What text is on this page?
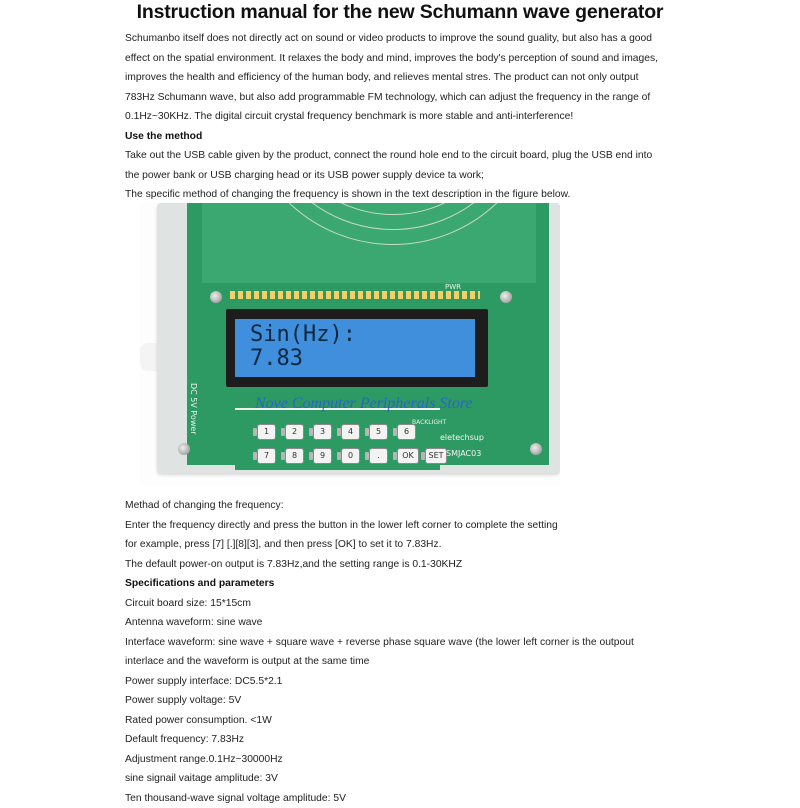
Instruction manual for the new Schumann wave generator

Schumanbo itself does not directly act on sound or video products to improve the sound guality, but also has a good

effect on the spatial environment. It relaxes the body and mind, improves the body's perception of sound and images,

improves the health and efficiency of the human body, and relieves mental stres. The product can not only output

783Hz Schumann wave, but also add programmable FM technology, which can adjust the frequency in the range of

0.1Hz~30KHz. The digital circuit crystal frequency benchmark is more stable and anti-interference!

Use the method

Take out the USB cable given by the product, connect the round hole end to the circuit board, plug the USB end into

the power bank or USB charging head or its USB power supply device ta work;

The specific method of changing the frequency is shown in the text description in the figure below.

PWR
Sin(Hz):
7.83
DC 5V Power	1	2	3	4	5	6
7	8	9	0	.	OK	SET
eletechsup
SMJAC03
BACKLIGHT
Nove Computer Peripherals Store

Methad of changing the frequency:

Enter the frequency directly and press the button in the lower left corner to complete the setting

for example, press [7] [.][8][3], and then press [OK] to set it to 7.83Hz.

The default power-on output is 7.83Hz,and the setting range is 0.1-30KHZ

Specifications and parameters

Circuit board size: 15*15cm

Antenna waveform: sine wave

Interface waveform: sine wave + square wave + reverse phase square wave (the lower left corner is the outpout

interlace and the waveform is output at the same time

Power supply interface: DC5.5*2.1

Power supply voltage: 5V

Rated power consumption. <1W

Default frequency: 7.83Hz

Adjustment range.0.1Hz~30000Hz

sine signail vaitage amplitude: 3V

Ten thousand-wave signal voltage amplitude: 5V
